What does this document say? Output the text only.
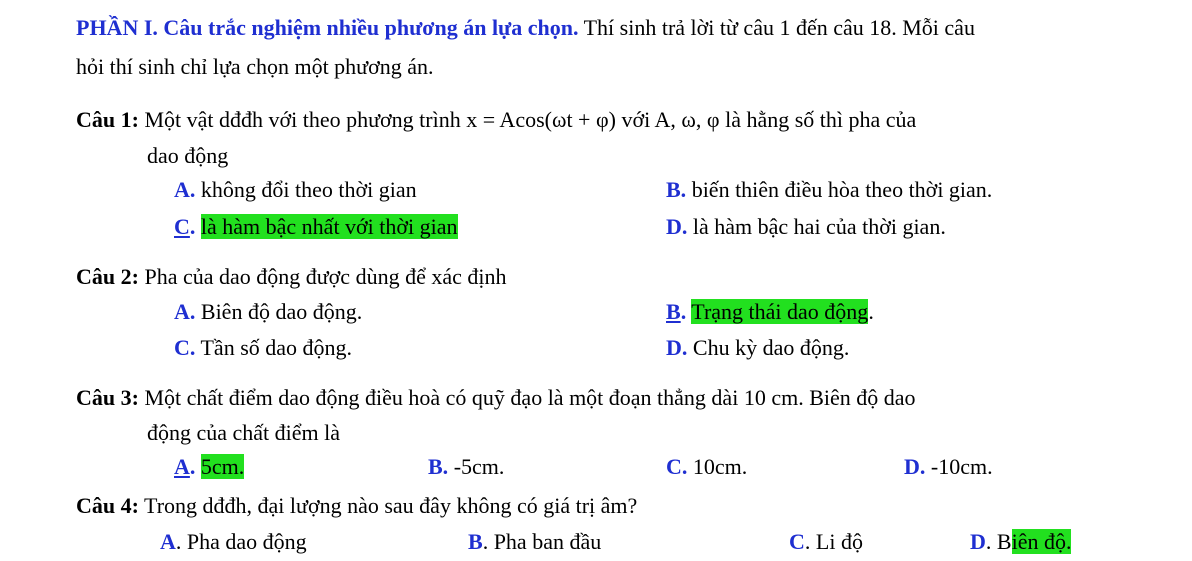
PHẦN I. Câu trắc nghiệm nhiều phương án lựa chọn. Thí sinh trả lời từ câu 1 đến câu 18. Mỗi câu
hỏi thí sinh chỉ lựa chọn một phương án.
Câu 1: Một vật dđđh với theo phương trình x = Acos(ωt + φ) với A, ω, φ là hằng số thì pha của
dao động
A. không đổi theo thời gian	B. biến thiên điều hòa theo thời gian.
C. là hàm bậc nhất với thời gian	D. là hàm bậc hai của thời gian.
Câu 2: Pha của dao động được dùng để xác định
A. Biên độ dao động.	B. Trạng thái dao động.
C. Tần số dao động.	D. Chu kỳ dao động.
Câu 3: Một chất điểm dao động điều hoà có quỹ đạo là một đoạn thẳng dài 10 cm. Biên độ dao
động của chất điểm là
A. 5cm.	B. -5cm.	C. 10cm.	D. -10cm.
Câu 4: Trong dđđh, đại lượng nào sau đây không có giá trị âm?
A. Pha dao động	B. Pha ban đầu	C. Li độ	D. Biên độ.
